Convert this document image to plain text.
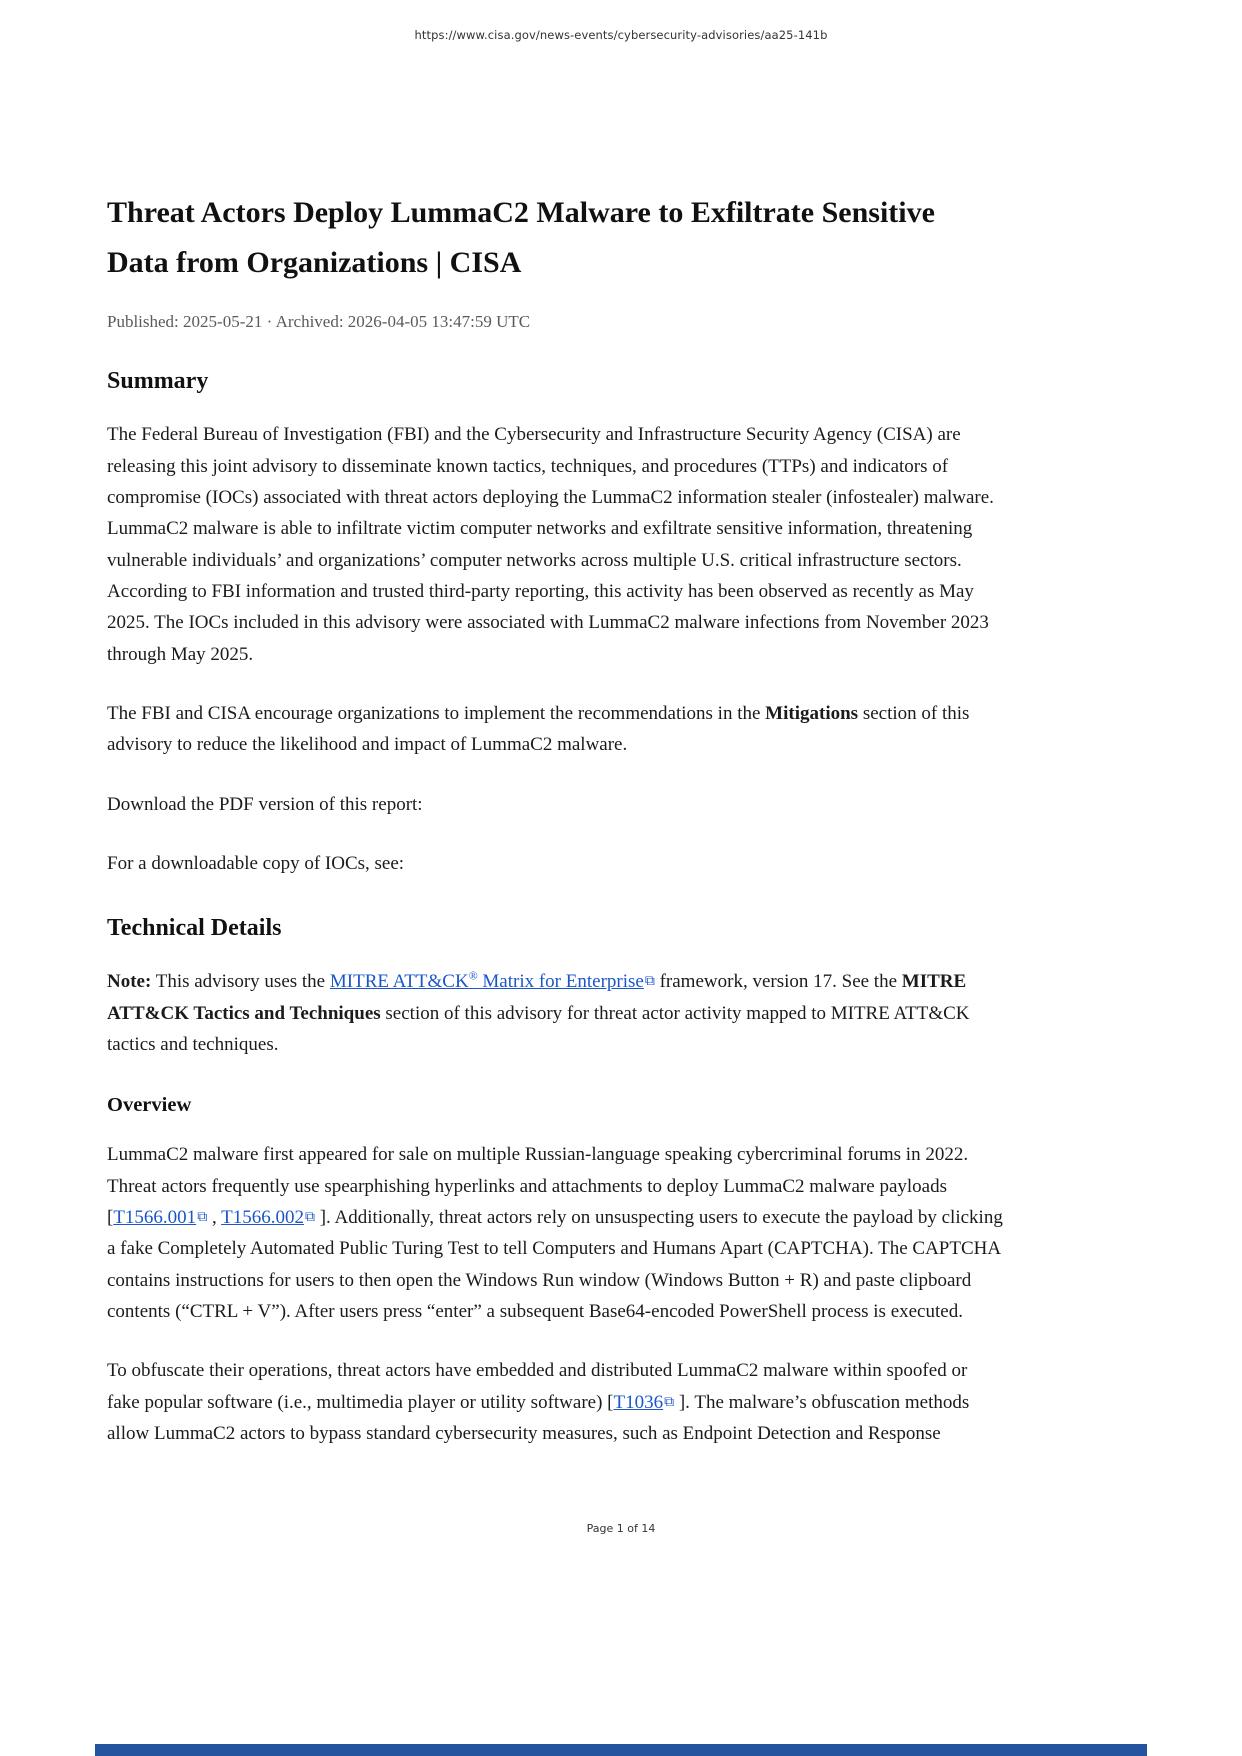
https://www.cisa.gov/news-events/cybersecurity-advisories/aa25-141b
Threat Actors Deploy LummaC2 Malware to Exfiltrate Sensitive Data from Organizations | CISA
Published: 2025-05-21 · Archived: 2026-04-05 13:47:59 UTC
Summary

The Federal Bureau of Investigation (FBI) and the Cybersecurity and Infrastructure Security Agency (CISA) are releasing this joint advisory to disseminate known tactics, techniques, and procedures (TTPs) and indicators of compromise (IOCs) associated with threat actors deploying the LummaC2 information stealer (infostealer) malware. LummaC2 malware is able to infiltrate victim computer networks and exfiltrate sensitive information, threatening vulnerable individuals’ and organizations’ computer networks across multiple U.S. critical infrastructure sectors. According to FBI information and trusted third-party reporting, this activity has been observed as recently as May 2025. The IOCs included in this advisory were associated with LummaC2 malware infections from November 2023 through May 2025.

The FBI and CISA encourage organizations to implement the recommendations in the Mitigations section of this advisory to reduce the likelihood and impact of LummaC2 malware.

Download the PDF version of this report:

For a downloadable copy of IOCs, see:

Technical Details

Note: This advisory uses the MITRE ATT&CK® Matrix for Enterprise⧉ framework, version 17. See the MITRE ATT&CK Tactics and Techniques section of this advisory for threat actor activity mapped to MITRE ATT&CK tactics and techniques.

Overview

LummaC2 malware first appeared for sale on multiple Russian-language speaking cybercriminal forums in 2022. Threat actors frequently use spearphishing hyperlinks and attachments to deploy LummaC2 malware payloads [T1566.001⧉ , T1566.002⧉ ]. Additionally, threat actors rely on unsuspecting users to execute the payload by clicking a fake Completely Automated Public Turing Test to tell Computers and Humans Apart (CAPTCHA). The CAPTCHA contains instructions for users to then open the Windows Run window (Windows Button + R) and paste clipboard contents (“CTRL + V”). After users press “enter” a subsequent Base64-encoded PowerShell process is executed.

To obfuscate their operations, threat actors have embedded and distributed LummaC2 malware within spoofed or fake popular software (i.e., multimedia player or utility software) [T1036⧉ ]. The malware’s obfuscation methods allow LummaC2 actors to bypass standard cybersecurity measures, such as Endpoint Detection and Response

Page 1 of 14
